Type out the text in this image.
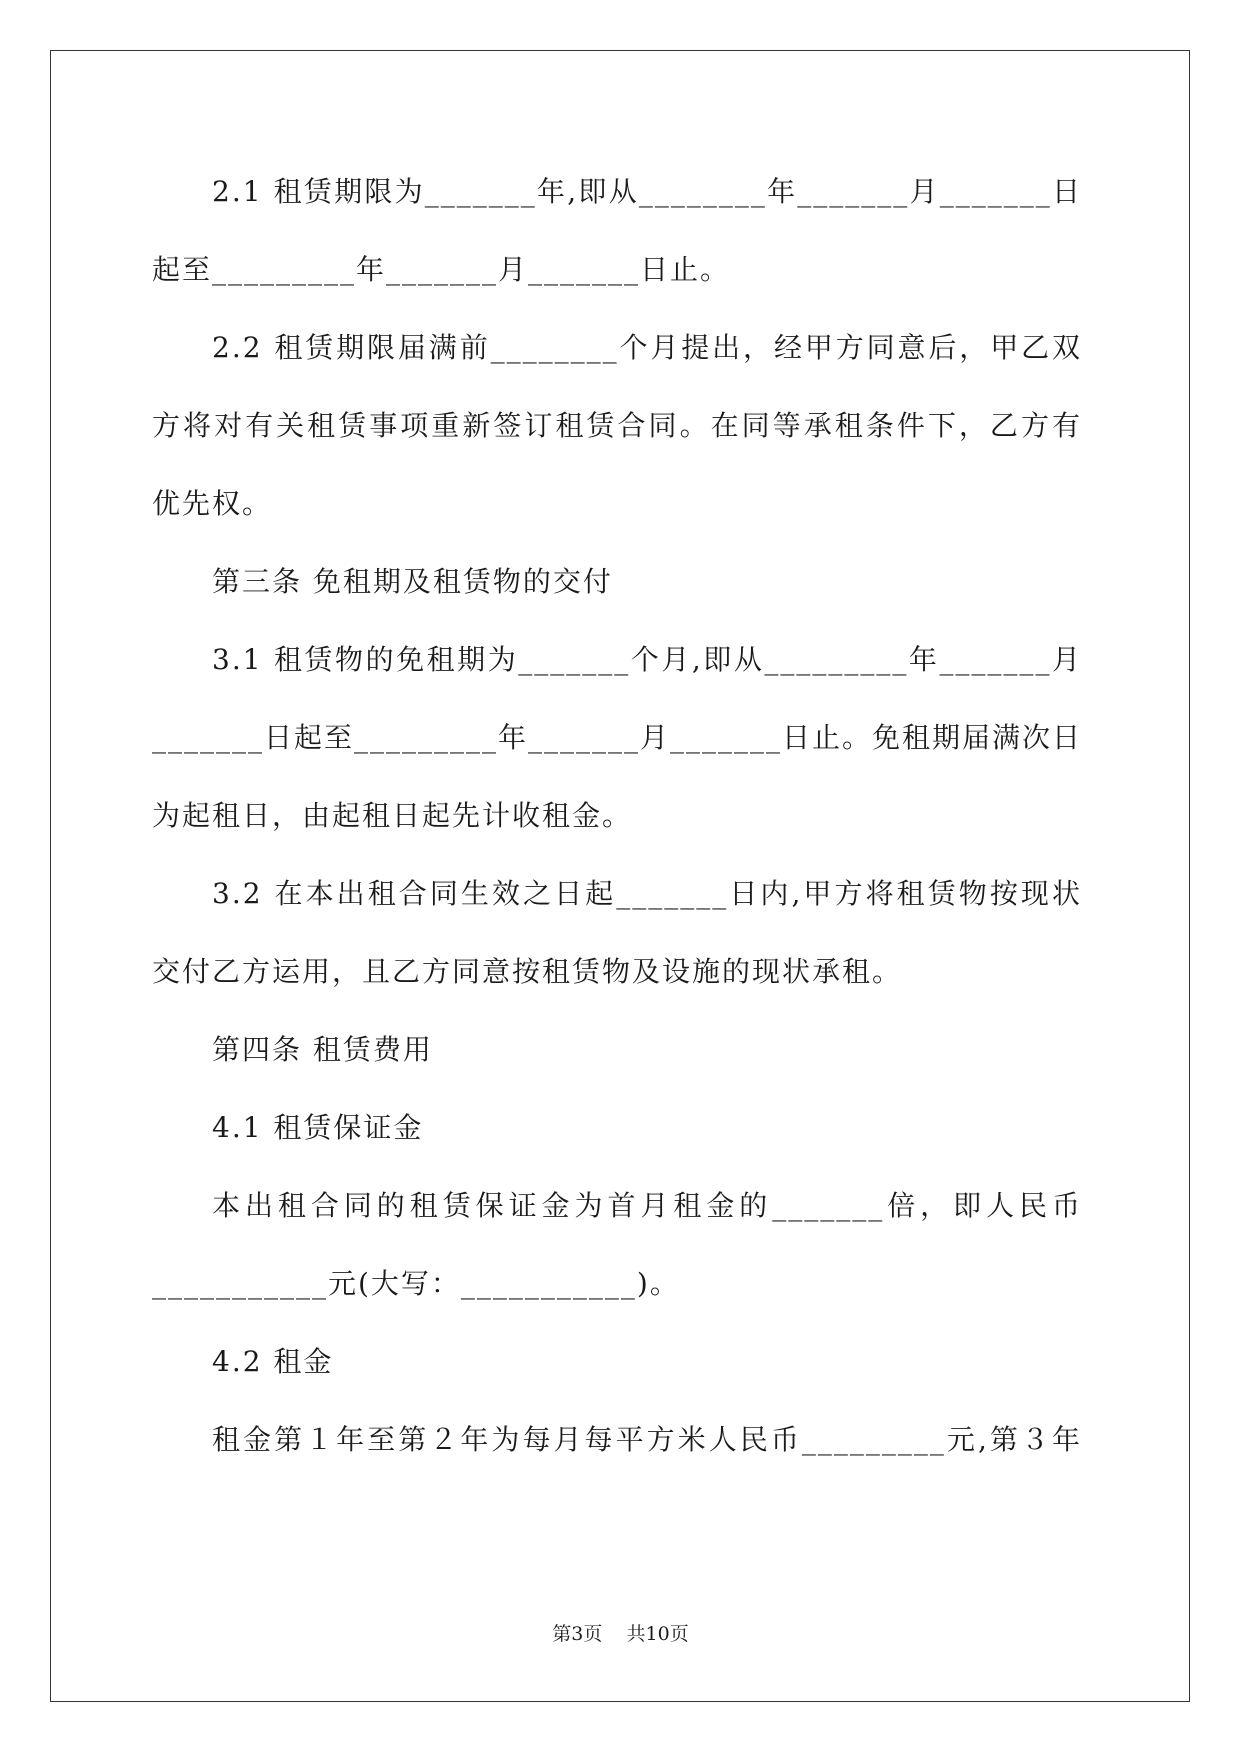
2.1 租赁期限为_______年,即从________年_______月_______日
起至_________年_______月_______日止。
2.2 租赁期限届满前________个月提出，经甲方同意后，甲乙双
方将对有关租赁事项重新签订租赁合同。在同等承租条件下，乙方有
优先权。
第三条 免租期及租赁物的交付
3.1 租赁物的免租期为_______个月,即从_________年_______月
_______日起至_________年_______月_______日止。免租期届满次日
为起租日，由起租日起先计收租金。
3.2 在本出租合同生效之日起_______日内,甲方将租赁物按现状
交付乙方运用，且乙方同意按租赁物及设施的现状承租。
第四条 租赁费用
4.1 租赁保证金
本出租合同的租赁保证金为首月租金的_______倍，即人民币
___________元(大写：___________)。
4.2 租金
租金第１年至第２年为每月每平方米人民币_________元,第３年
第3页    共10页
